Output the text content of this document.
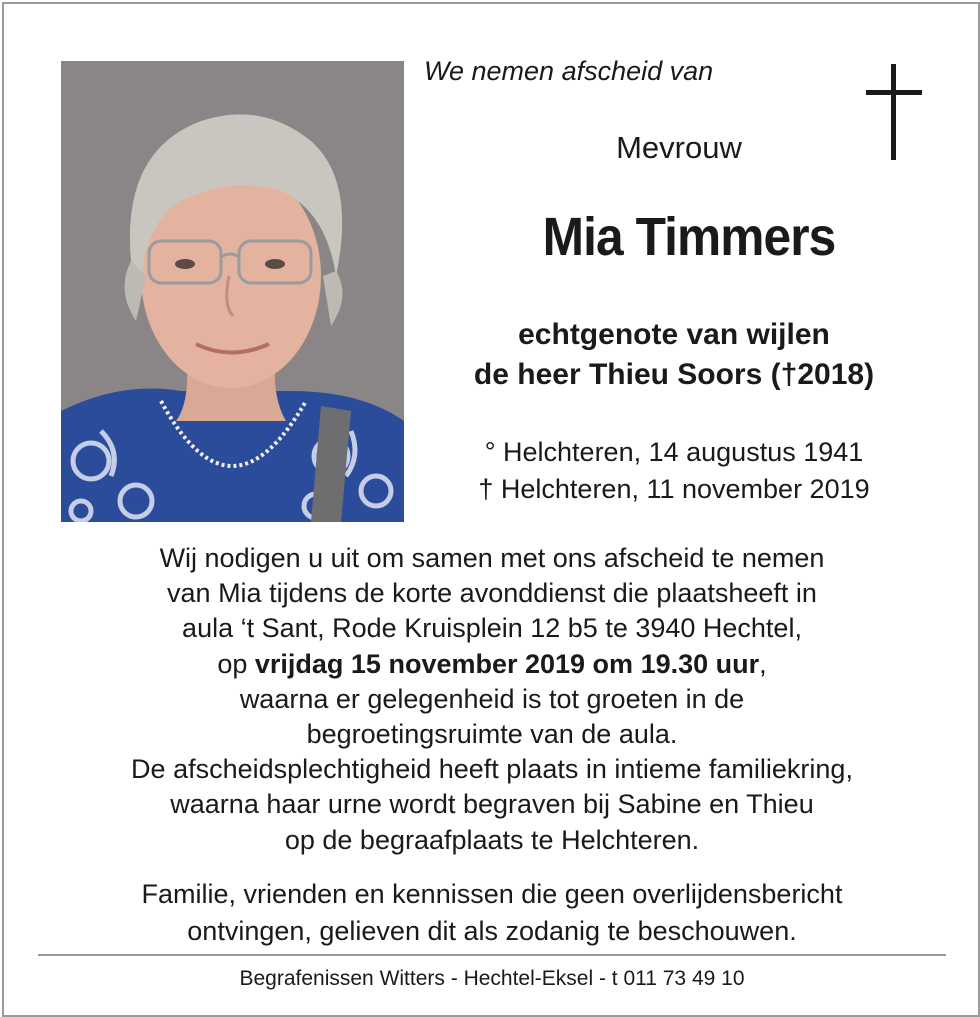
We nemen afscheid van
Mevrouw
Mia Timmers
echtgenote van wijlen
de heer Thieu Soors (†2018)
° Helchteren, 14 augustus 1941
† Helchteren, 11 november 2019
Wij nodigen u uit om samen met ons afscheid te nemen
van Mia tijdens de korte avonddienst die plaatsheeft in
aula ‘t Sant, Rode Kruisplein 12 b5 te 3940 Hechtel,
op vrijdag 15 november 2019 om 19.30 uur,
waarna er gelegenheid is tot groeten in de
begroetingsruimte van de aula.
De afscheidsplechtigheid heeft plaats in intieme familiekring,
waarna haar urne wordt begraven bij Sabine en Thieu
op de begraafplaats te Helchteren.
Familie, vrienden en kennissen die geen overlijdensbericht
ontvingen, gelieven dit als zodanig te beschouwen.
Begrafenissen Witters - Hechtel-Eksel - t 011 73 49 10
